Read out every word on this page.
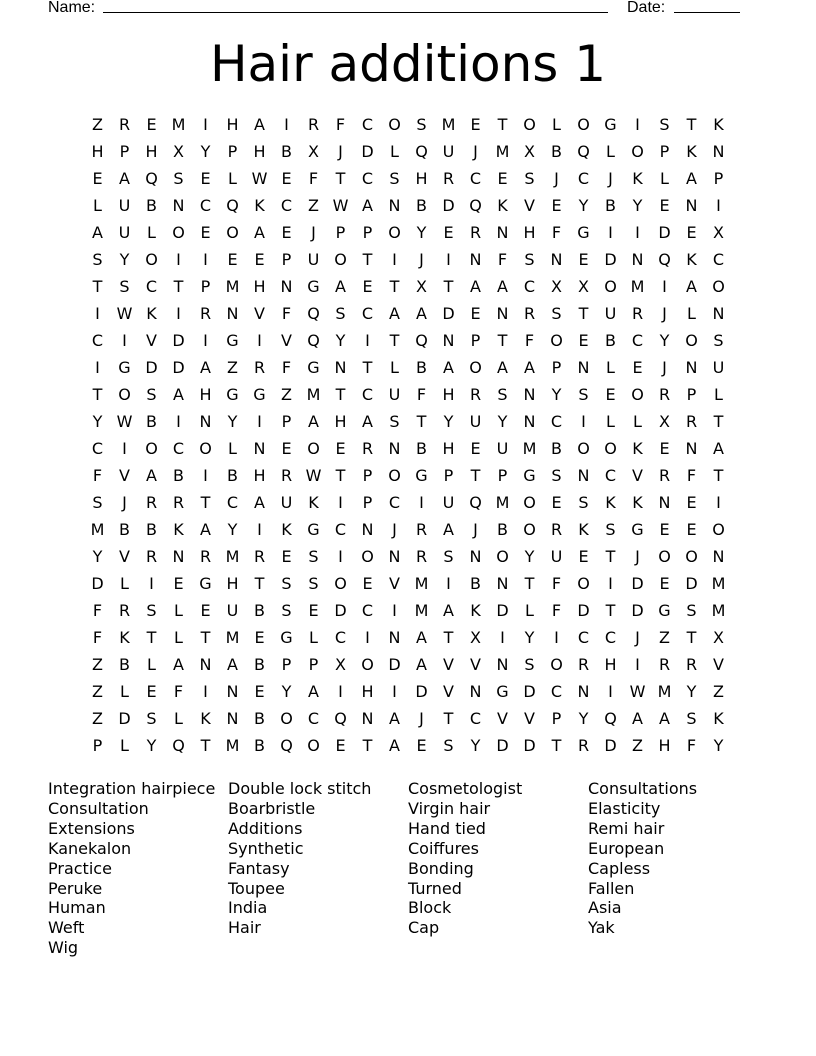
Name:	Date:
Hair additions 1
Z R	E M	I	H A	I	R	F	C O S M E	T O	L	O G	I	S	T	K
H	P	H X	Y	P	H B	X	J	D	L	Q U	J	M X	B Q	L	O P	K N
E	A Q S	E	L W E	F	T	C	S H R C	E	S	J	C	J	K	L	A	P
L	U B N C Q K	C Z W A N B D Q K	V	E	Y	B	Y	E N	I
A U	L	O E O A	E	J	P	P O Y	E	R N H	F	G	I	I	D E	X
S	Y O	I	I	E	E	P	U O T	I	J	I	N	F	S N E D N Q K	C
T	S	C	T	P M H N G A	E	T	X	T	A	A C X	X O M	I	A O
I	W K	I	R N V	F	Q S	C A	A D E N R	S	T	U R	J	L	N
C	I	V D	I	G	I	V Q Y	I	T Q N	P	T	F	O E	B C	Y O S
I	G D D A	Z R	F	G N	T	L	B	A O A	A	P	N	L	E	J	N U
T O S	A H G G Z M T	C U	F	H R	S N	Y	S	E O R	P	L
Y W B	I	N	Y	I	P	A H A	S	T	Y	U	Y	N C	I	L	L	X R	T
C	I	O C O	L	N E O E	R N B H E	U M B O O K	E N A
F	V	A	B	I	B H R W T	P O G P	T	P G S N C V R	F	T
S	J	R R	T	C A U K	I	P	C	I	U Q M O E	S	K	K N E	I
M B	B	K	A	Y	I	K G C N	J	R A	J	B O R	K	S G E	E O
Y	V R N R M R	E	S	I	O N R	S N O Y	U	E	T	J	O O N
D	L	I	E G H	T	S	S O E	V M	I	B N	T	F	O	I	D E D M
F	R	S	L	E	U B	S	E D C	I	M A	K D	L	F	D T D G S M
F	K	T	L	T M E G	L	C	I	N A	T	X	I	Y	I	C C	J	Z	T	X
Z	B	L	A N A	B	P	P	X O D A	V	V N S O R H	I	R R V
Z	L	E	F	I	N E	Y	A	I	H	I	D V N G D C N	I	W M Y	Z
Z D S	L	K N B O C Q N A	J	T	C V	V	P	Y Q A	A	S	K
P	L	Y Q T M B Q O E	T	A	E	S	Y D D T	R D Z H	F	Y
Integration hairpiece
Consultation
Extensions
Kanekalon
Practice
Peruke
Human
Weft
Wig
Double lock stitch
Boarbristle
Additions
Synthetic
Fantasy
Toupee
India
Hair
Cosmetologist
Virgin hair
Hand tied
Coiffures
Bonding
Turned
Block
Cap
Consultations
Elasticity
Remi hair
European
Capless
Fallen
Asia
Yak
